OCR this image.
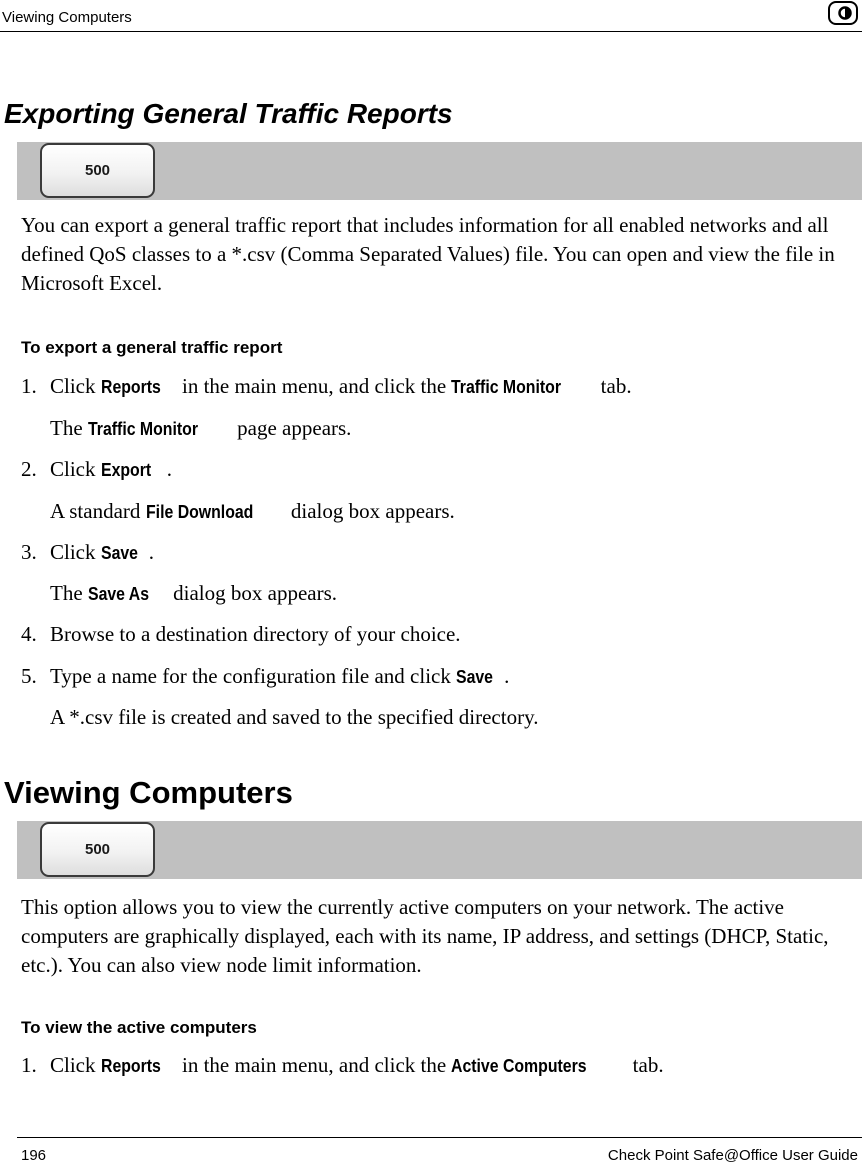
Viewing Computers
Exporting General Traffic Reports
500

You can export a general traffic report that includes information for all enabled networks and all defined QoS classes to a *.csv (Comma Separated Values) file. You can open and view the file in Microsoft Excel.

To export a general traffic report

1. Click Reports in the main menu, and click the Traffic Monitor tab.
The Traffic Monitor page appears.
2. Click Export .
A standard File Download dialog box appears.
3. Click Save .
The Save As dialog box appears.
4. Browse to a destination directory of your choice.
5. Type a name for the configuration file and click Save .
A *.csv file is created and saved to the specified directory.
Viewing Computers
500

This option allows you to view the currently active computers on your network. The active computers are graphically displayed, each with its name, IP address, and settings (DHCP, Static, etc.). You can also view node limit information.

To view the active computers

1. Click Reports in the main menu, and click the Active Computers tab.
196	Check Point Safe@Office User Guide
